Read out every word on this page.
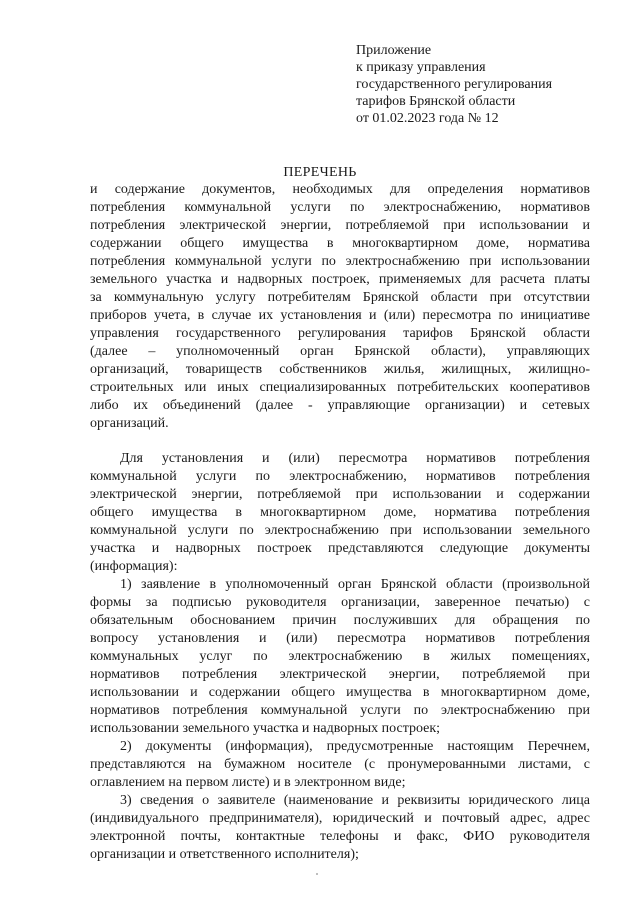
Приложение
к приказу управления
государственного регулирования
тарифов Брянской области
от 01.02.2023 года № 12
ПЕРЕЧЕНЬ
и содержание документов, необходимых для определения нормативов
потребления коммунальной услуги по электроснабжению, нормативов
потребления электрической энергии, потребляемой при использовании и
содержании общего имущества в многоквартирном доме, норматива
потребления коммунальной услуги по электроснабжению при использовании
земельного участка и надворных построек, применяемых для расчета платы
за коммунальную услугу потребителям Брянской области при отсутствии
приборов учета, в случае их установления и (или) пересмотра по инициативе
управления государственного регулирования тарифов Брянской области
(далее – уполномоченный орган Брянской области), управляющих
организаций, товариществ собственников жилья, жилищных, жилищно-
строительных или иных специализированных потребительских кооперативов
либо их объединений (далее - управляющие организации) и сетевых
организаций.
Для установления и (или) пересмотра нормативов потребления
коммунальной услуги по электроснабжению, нормативов потребления
электрической энергии, потребляемой при использовании и содержании
общего имущества в многоквартирном доме, норматива потребления
коммунальной услуги по электроснабжению при использовании земельного
участка и надворных построек представляются следующие документы
(информация):
1) заявление в уполномоченный орган Брянской области (произвольной
формы за подписью руководителя организации, заверенное печатью) с
обязательным обоснованием причин послуживших для обращения по
вопросу установления и (или) пересмотра нормативов потребления
коммунальных услуг по электроснабжению в жилых помещениях,
нормативов потребления электрической энергии, потребляемой при
использовании и содержании общего имущества в многоквартирном доме,
нормативов потребления коммунальной услуги по электроснабжению при
использовании земельного участка и надворных построек;
2) документы (информация), предусмотренные настоящим Перечнем,
представляются на бумажном носителе (с пронумерованными листами, с
оглавлением на первом листе) и в электронном виде;
3) сведения о заявителе (наименование и реквизиты юридического лица
(индивидуального предпринимателя), юридический и почтовый адрес, адрес
электронной почты, контактные телефоны и факс, ФИО руководителя
организации и ответственного исполнителя);
